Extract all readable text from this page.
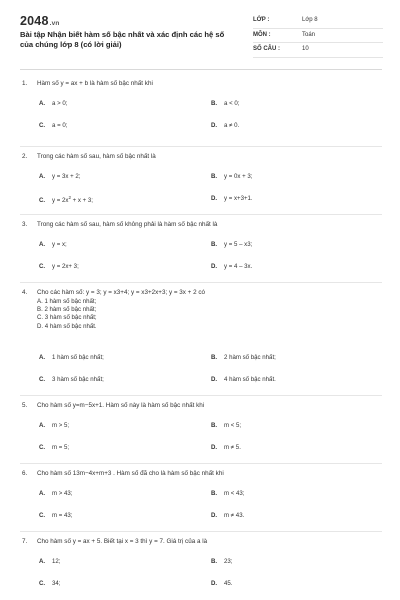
2048.vn
Bài tập Nhận biết hàm số bậc nhất và xác định các hệ số của chúng lớp 8 (có lời giải)
LỚP :	Lớp 8
MÔN :	Toán
SỐ CÂU :	10
1. Hàm số y = ax + b là hàm số bậc nhất khi
A. a > 0;	B. a < 0;
C. a = 0;	D. a ≠ 0.
2. Trong các hàm số sau, hàm số bậc nhất là
A. y = 3x + 2;	B. y = 0x + 3;
C. $y = 2x^2 + x + 3$;	D. y = x+3+1.
3. Trong các hàm số sau, hàm số không phải là hàm số bậc nhất là
A. y = x;	B. y = 5 – x3;
C. y = 2x+ 3;	D. y = 4 – 3x.
4. Cho các hàm số: y = 3; y = x3+4; y = x3+2x+3; y = 3x + 2 có
A. 1 hàm số bậc nhất;
B. 2 hàm số bậc nhất;
C. 3 hàm số bậc nhất;
D. 4 hàm số bậc nhất.
A. 1 hàm số bậc nhất;	B. 2 hàm số bậc nhất;
C. 3 hàm số bậc nhất;	D. 4 hàm số bậc nhất.
5. Cho hàm số y=m−5x+1. Hàm số này là hàm số bậc nhất khi
A. m > 5;	B. m < 5;
C. m = 5;	D. m ≠ 5.
6. Cho hàm số 13m−4x+m+3 . Hàm số đã cho là hàm số bậc nhất khi
A. m > 43;	B. m < 43;
C. m = 43;	D. m ≠ 43.
7. Cho hàm số y = ax + 5. Biết tại x = 3 thì y = 7. Giá trị của a là
A. 12;	B. 23;
C. 34;	D. 45.
